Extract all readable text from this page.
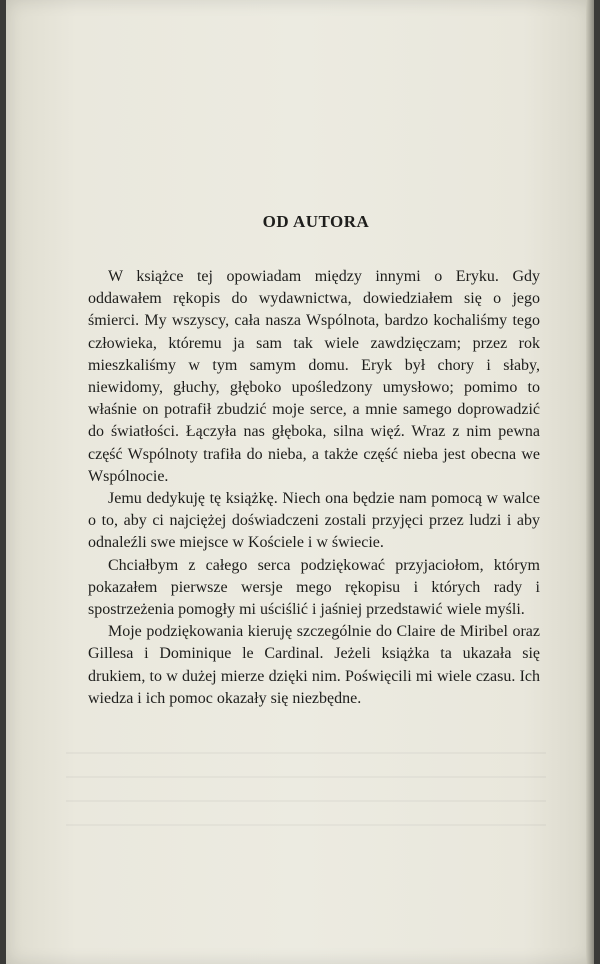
OD AUTORA

W książce tej opowiadam między innymi o Eryku. Gdy oddawałem rękopis do wydawnictwa, dowiedziałem się o jego śmierci. My wszyscy, cała nasza Wspólnota, bardzo kochaliśmy tego człowieka, któremu ja sam tak wiele zawdzięczam; przez rok mieszkaliśmy w tym samym domu. Eryk był chory i słaby, niewidomy, głuchy, głęboko upośledzony umysłowo; pomimo to właśnie on potrafił zbudzić moje serce, a mnie samego doprowadzić do światłości. Łączyła nas głęboka, silna więź. Wraz z nim pewna część Wspólnoty trafiła do nieba, a także część nieba jest obecna we Wspólnocie.

Jemu dedykuję tę książkę. Niech ona będzie nam pomocą w walce o to, aby ci najciężej doświadczeni zostali przyjęci przez ludzi i aby odnaleźli swe miejsce w Kościele i w świecie.

Chciałbym z całego serca podziękować przyjaciołom, którym pokazałem pierwsze wersje mego rękopisu i których rady i spostrzeżenia pomogły mi uściślić i jaśniej przedstawić wiele myśli.

Moje podziękowania kieruję szczególnie do Claire de Miribel oraz Gillesa i Dominique le Cardinal. Jeżeli książka ta ukazała się drukiem, to w dużej mierze dzięki nim. Poświęcili mi wiele czasu. Ich wiedza i ich pomoc okazały się niezbędne.
